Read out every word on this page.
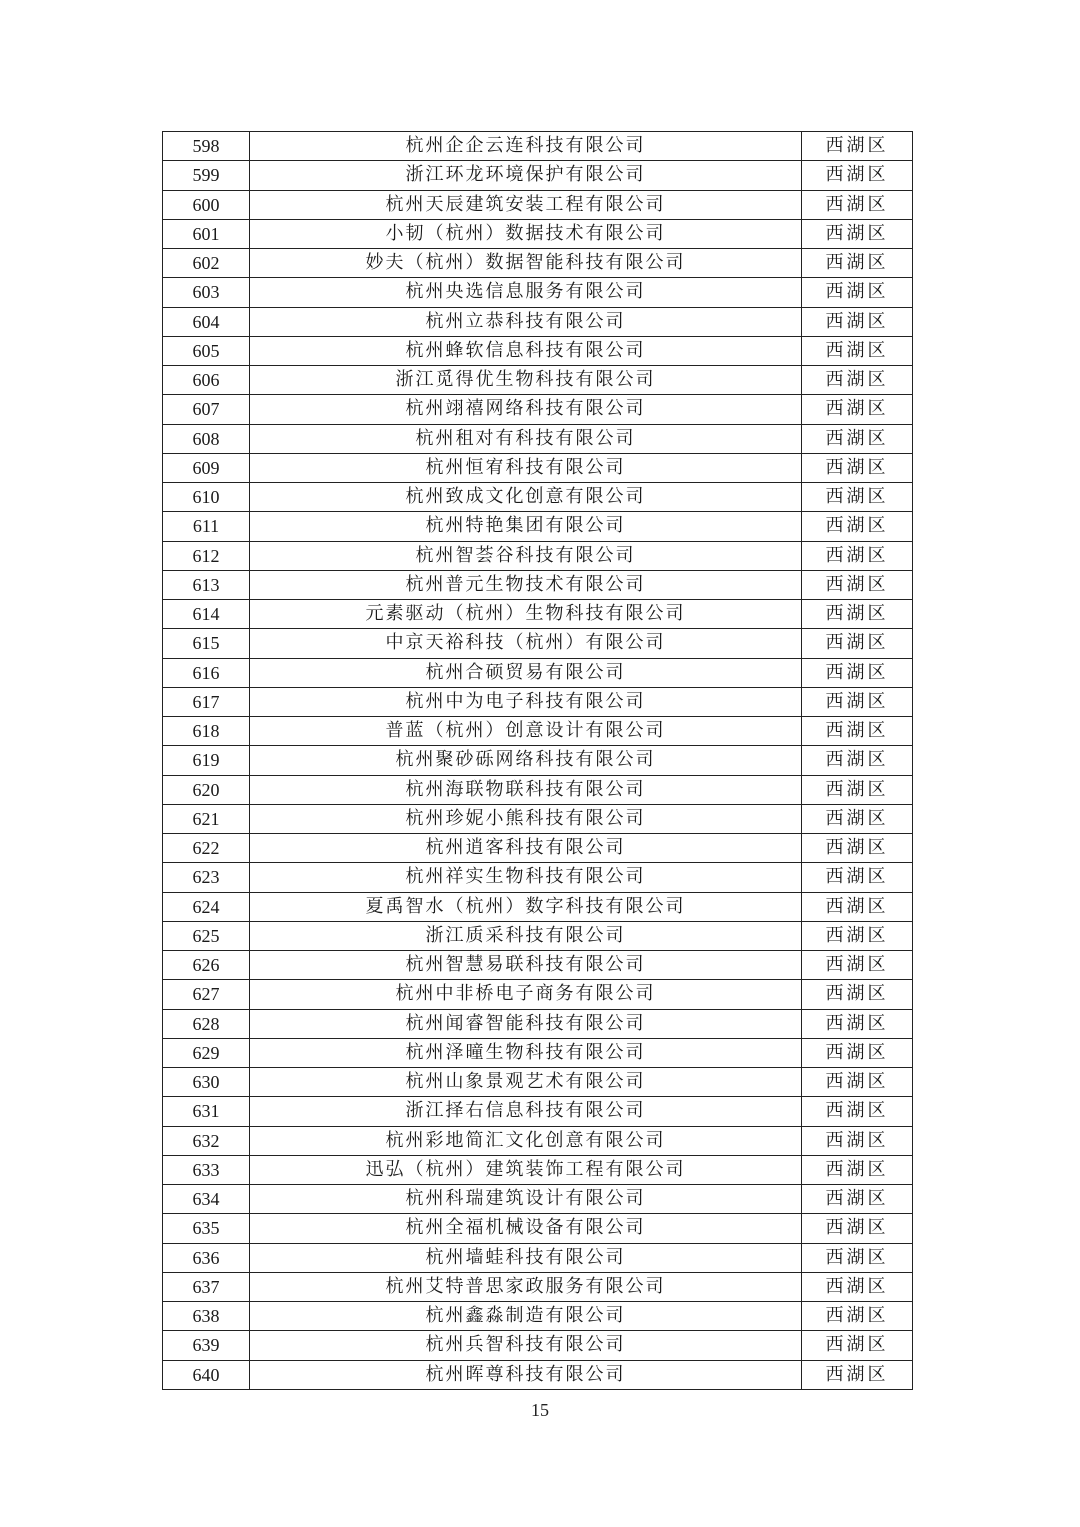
598	杭州企企云连科技有限公司	西湖区
599	浙江环龙环境保护有限公司	西湖区
600	杭州天辰建筑安装工程有限公司	西湖区
601	小韧（杭州）数据技术有限公司	西湖区
602	妙夫（杭州）数据智能科技有限公司	西湖区
603	杭州央选信息服务有限公司	西湖区
604	杭州立恭科技有限公司	西湖区
605	杭州蜂软信息科技有限公司	西湖区
606	浙江觅得优生物科技有限公司	西湖区
607	杭州翊禧网络科技有限公司	西湖区
608	杭州租对有科技有限公司	西湖区
609	杭州恒宥科技有限公司	西湖区
610	杭州致成文化创意有限公司	西湖区
611	杭州特艳集团有限公司	西湖区
612	杭州智荟谷科技有限公司	西湖区
613	杭州普元生物技术有限公司	西湖区
614	元素驱动（杭州）生物科技有限公司	西湖区
615	中京天裕科技（杭州）有限公司	西湖区
616	杭州合硕贸易有限公司	西湖区
617	杭州中为电子科技有限公司	西湖区
618	普蓝（杭州）创意设计有限公司	西湖区
619	杭州聚砂砾网络科技有限公司	西湖区
620	杭州海联物联科技有限公司	西湖区
621	杭州珍妮小熊科技有限公司	西湖区
622	杭州逍客科技有限公司	西湖区
623	杭州祥实生物科技有限公司	西湖区
624	夏禹智水（杭州）数字科技有限公司	西湖区
625	浙江质采科技有限公司	西湖区
626	杭州智慧易联科技有限公司	西湖区
627	杭州中非桥电子商务有限公司	西湖区
628	杭州闻睿智能科技有限公司	西湖区
629	杭州泽曈生物科技有限公司	西湖区
630	杭州山象景观艺术有限公司	西湖区
631	浙江择右信息科技有限公司	西湖区
632	杭州彩地简汇文化创意有限公司	西湖区
633	迅弘（杭州）建筑装饰工程有限公司	西湖区
634	杭州科瑞建筑设计有限公司	西湖区
635	杭州全福机械设备有限公司	西湖区
636	杭州墙蛙科技有限公司	西湖区
637	杭州艾特普思家政服务有限公司	西湖区
638	杭州鑫淼制造有限公司	西湖区
639	杭州兵智科技有限公司	西湖区
640	杭州晖尊科技有限公司	西湖区
15
